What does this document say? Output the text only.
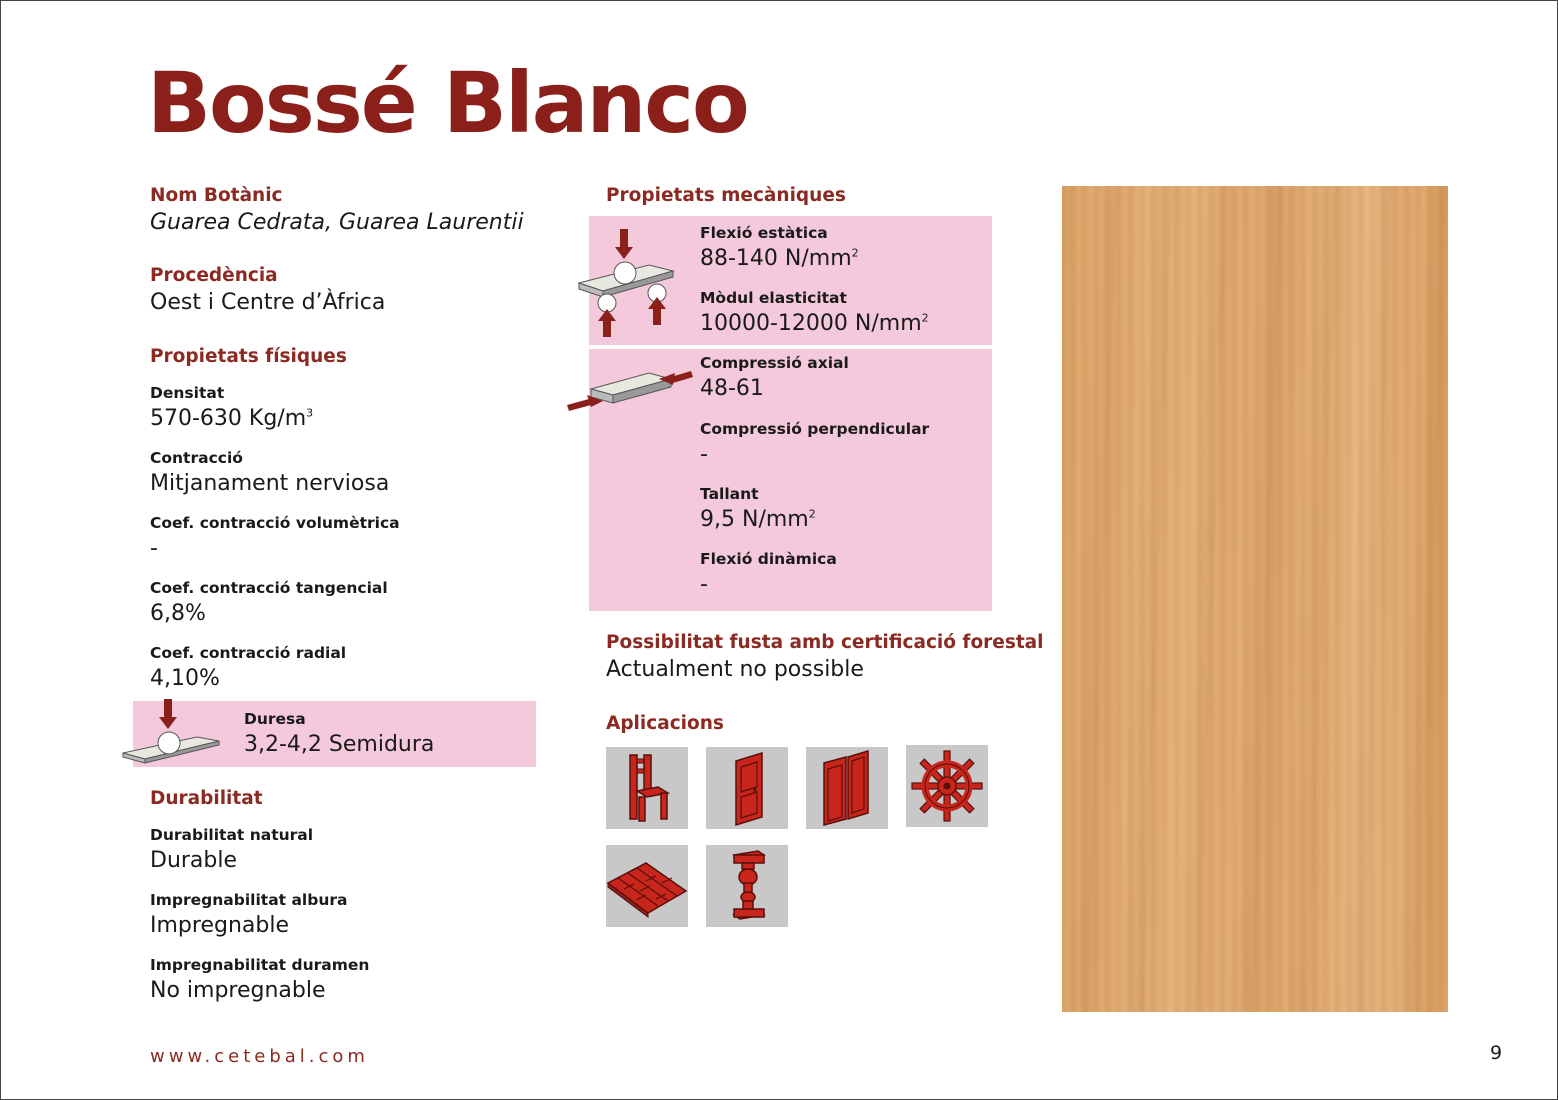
Bossé Blanco
Nom Botànic
Guarea Cedrata, Guarea Laurentii
Procedència
Oest i Centre d’Àfrica
Propietats físiques
Densitat
570-630 $Kg/m^3$
Contracció
Mitjanament nerviosa
Coef. contracció volumètrica
-
Coef. contracció tangencial
6,8%
Coef. contracció radial
4,10%
Duresa
3,2-4,2 Semidura
Durabilitat
Durabilitat natural
Durable
Impregnabilitat albura
Impregnable
Impregnabilitat duramen
No impregnable
Propietats mecàniques
Flexió estàtica
88-140 $N/mm^2$
Mòdul elasticitat
10000-12000 $N/mm^2$
Compressió axial
48-61
Compressió perpendicular
-
Tallant
9,5 $N/mm^2$
Flexió dinàmica
-
Possibilitat fusta amb certificació forestal
Actualment no possible
Aplicacions
www.cetebal.com	9
